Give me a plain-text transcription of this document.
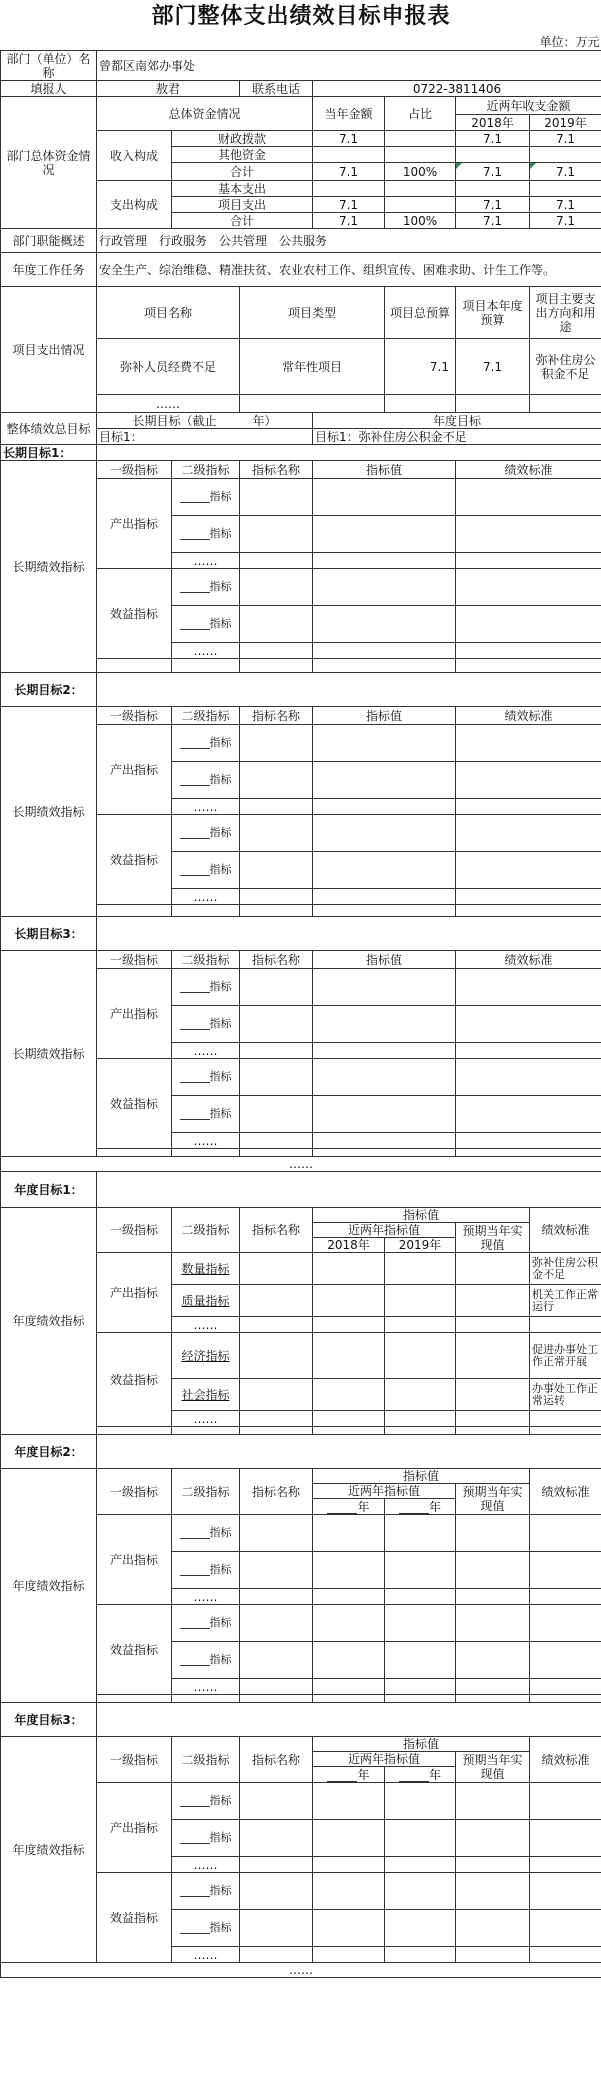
部门整体支出绩效目标申报表							
单位：万元							
部门（单位）名称	曾都区南郊办事处						
填报人	敖君		联系电话	0722-3811406			
部门总体资金情况	总体资金情况			当年金额	占比	近两年收支金额	
						2018年	2019年
	收入构成	财政拨款		7.1		7.1	7.1
		其他资金					
		合计		7.1	100%	7.1	7.1
	支出构成	基本支出					
		项目支出		7.1		7.1	7.1
		合计		7.1	100%	7.1	7.1
部门职能概述	行政管理　行政服务　公共管理　公共服务						
年度工作任务	安全生产、综治维稳、精准扶贫、农业农村工作、组织宣传、困难求助、计生工作等。						
项目支出情况	项目名称		项目类型		项目总预算	项目本年度预算	项目主要支出方向和用途
	弥补人员经费不足		常年性项目		7.1	7.1	弥补住房公积金不足
	……						
整体绩效总目标	长期目标（截止　　　年）			年度目标			
	目标1：			目标1：弥补住房公积金不足			
长期目标1：							
长期绩效指标	一级指标	二级指标	指标名称	指标值		绩效标准	
	产出指标	指标					
		指标					
		……					
	效益指标	指标					
		指标					
		……					

长期目标2：							
长期绩效指标	一级指标	二级指标	指标名称	指标值		绩效标准	
	产出指标	指标					
		指标					
		……					
	效益指标	指标					
		指标					
		……					

长期目标3：							
长期绩效指标	一级指标	二级指标	指标名称	指标值		绩效标准	
	产出指标	指标					
		指标					
		……					
	效益指标	指标					
		指标					
		……					

……							
年度目标1：							
年度绩效指标	一级指标	二级指标	指标名称	指标值			绩效标准
				近两年指标值		预期当年实现值	
				2018年	2019年		
	产出指标	数量指标					弥补住房公积金不足
		质量指标					机关工作正常运行
		……					
	效益指标	经济指标					促进办事处工作正常开展
		社会指标					办事处工作正常运转
		……					

年度目标2：							
年度绩效指标	一级指标	二级指标	指标名称	指标值			绩效标准
				近两年指标值		预期当年实现值	
				年	年		
	产出指标	指标					
		指标					
		……					
	效益指标	指标					
		指标					
		……					

年度目标3：							
年度绩效指标	一级指标	二级指标	指标名称	指标值			绩效标准
				近两年指标值		预期当年实现值	
				年	年		
	产出指标	指标					
		指标					
		……					
	效益指标	指标					
		指标					
		……					
……							
